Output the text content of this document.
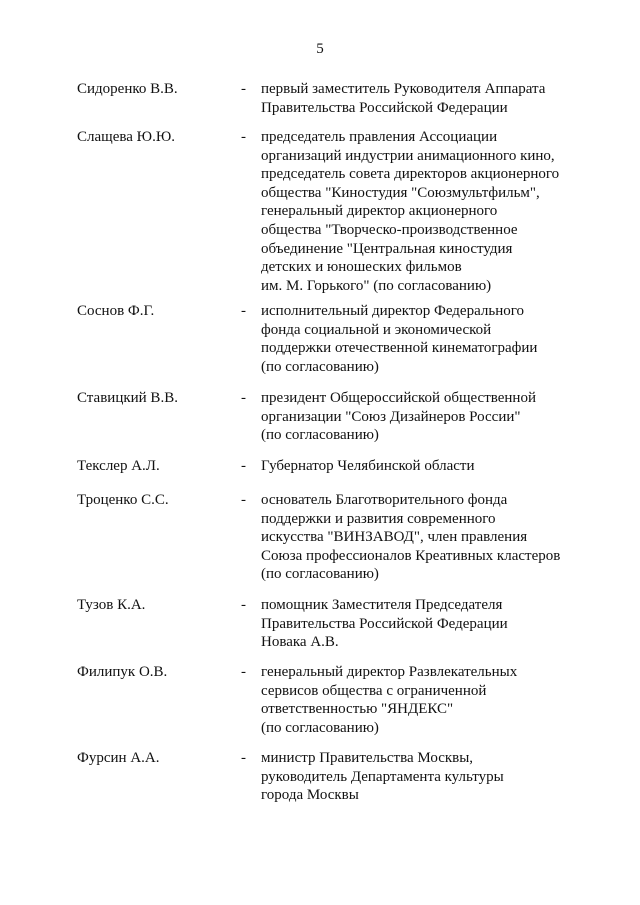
5
Сидоренко В.В.	- первый заместитель Руководителя Аппарата
Правительства Российской Федерации
Слащева Ю.Ю.	- председатель правления Ассоциации
организаций индустрии анимационного кино,
председатель совета директоров акционерного
общества "Киностудия "Союзмультфильм",
генеральный директор акционерного
общества "Творческо-производственное
объединение "Центральная киностудия
детских и юношеских фильмов
им. М. Горького" (по согласованию)
Соснов Ф.Г.	- исполнительный директор Федерального
фонда социальной и экономической
поддержки отечественной кинематографии
(по согласованию)
Ставицкий В.В.	- президент Общероссийской общественной
организации "Союз Дизайнеров России"
(по согласованию)
Текслер А.Л.	- Губернатор Челябинской области
Троценко С.С.	- основатель Благотворительного фонда
поддержки и развития современного
искусства "ВИНЗАВОД", член правления
Союза профессионалов Креативных кластеров
(по согласованию)
Тузов К.А.	- помощник Заместителя Председателя
Правительства Российской Федерации
Новака А.В.
Филипук О.В.	- генеральный директор Развлекательных
сервисов общества с ограниченной
ответственностью "ЯНДЕКС"
(по согласованию)
Фурсин А.А.	- министр Правительства Москвы,
руководитель Департамента культуры
города Москвы
